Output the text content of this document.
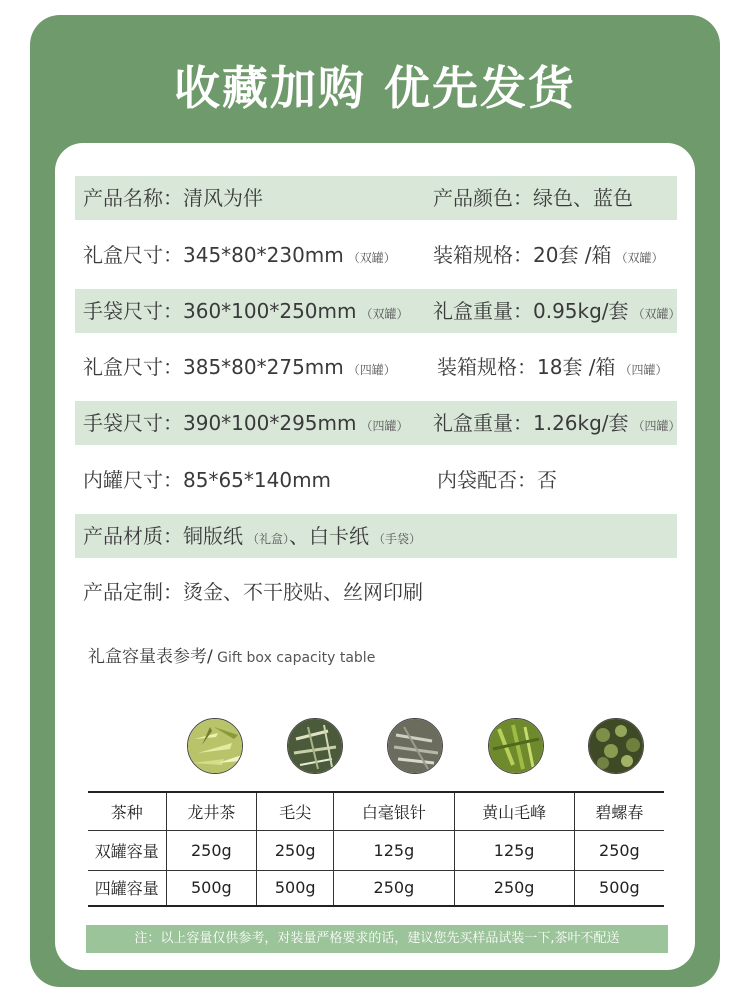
收藏加购 优先发货
产品名称：清风为伴	产品颜色：绿色、蓝色
礼盒尺寸：345*80*230mm （双罐） 装箱规格：20套 /箱 （双罐）
手袋尺寸：360*100*250mm （双罐） 礼盒重量：0.95kg/套 （双罐）
礼盒尺寸：385*80*275mm （四罐） 装箱规格：18套 /箱 （四罐）
手袋尺寸：390*100*295mm （四罐） 礼盒重量：1.26kg/套 （四罐）
内罐尺寸：85*65*140mm	内袋配否：否
产品材质：铜版纸 （礼盒）、白卡纸 （手袋）
产品定制：烫金、不干胶贴、丝网印刷
礼盒容量表参考/ Gift box capacity table
茶种	龙井茶	毛尖	白毫银针	黄山毛峰	碧螺春
双罐容量	250g	250g	125g	125g	250g
四罐容量	500g	500g	250g	250g	500g
注：以上容量仅供参考，对装量严格要求的话，建议您先买样品试装一下,茶叶不配送
